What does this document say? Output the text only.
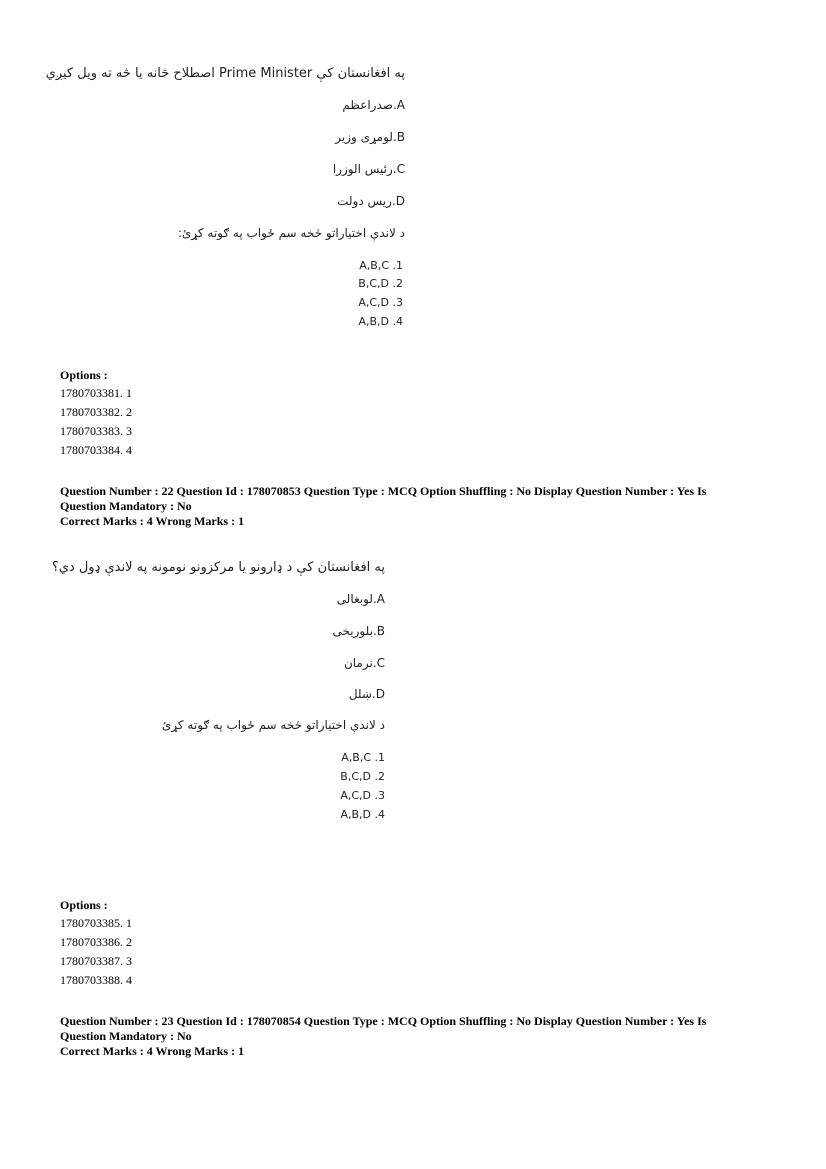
په افغانستان کې Prime Minister اصطلاح څانه یا څه ته ویل کیږي
A.صدراعظم
B.لومړی وزیر
C.رئیس الوزرا
D.ریس دولت
د لاندې اختیاراتو څخه سم ځواب په ګوته کړئ:
1. A,B,C
2. B,C,D
3. A,C,D
4. A,B,D
Options :
1780703381. 1
1780703382. 2
1780703383. 3
1780703384. 4
Question Number : 22 Question Id : 178070853 Question Type : MCQ Option Shuffling : No Display Question Number : Yes Is
Question Mandatory : No
Correct Marks : 4 Wrong Marks : 1
په افغانستان کې د ډارونو یا مرکزونو نومونه په لاندې ډول دي؟
A.لوبغالی
B.بلوریخی
C.نرمان
D.ښلل
د لاندې اختیاراتو څخه سم ځواب په ګوته کړئ
1. A,B,C
2. B,C,D
3. A,C,D
4. A,B,D
Options :
1780703385. 1
1780703386. 2
1780703387. 3
1780703388. 4
Question Number : 23 Question Id : 178070854 Question Type : MCQ Option Shuffling : No Display Question Number : Yes Is
Question Mandatory : No
Correct Marks : 4 Wrong Marks : 1
